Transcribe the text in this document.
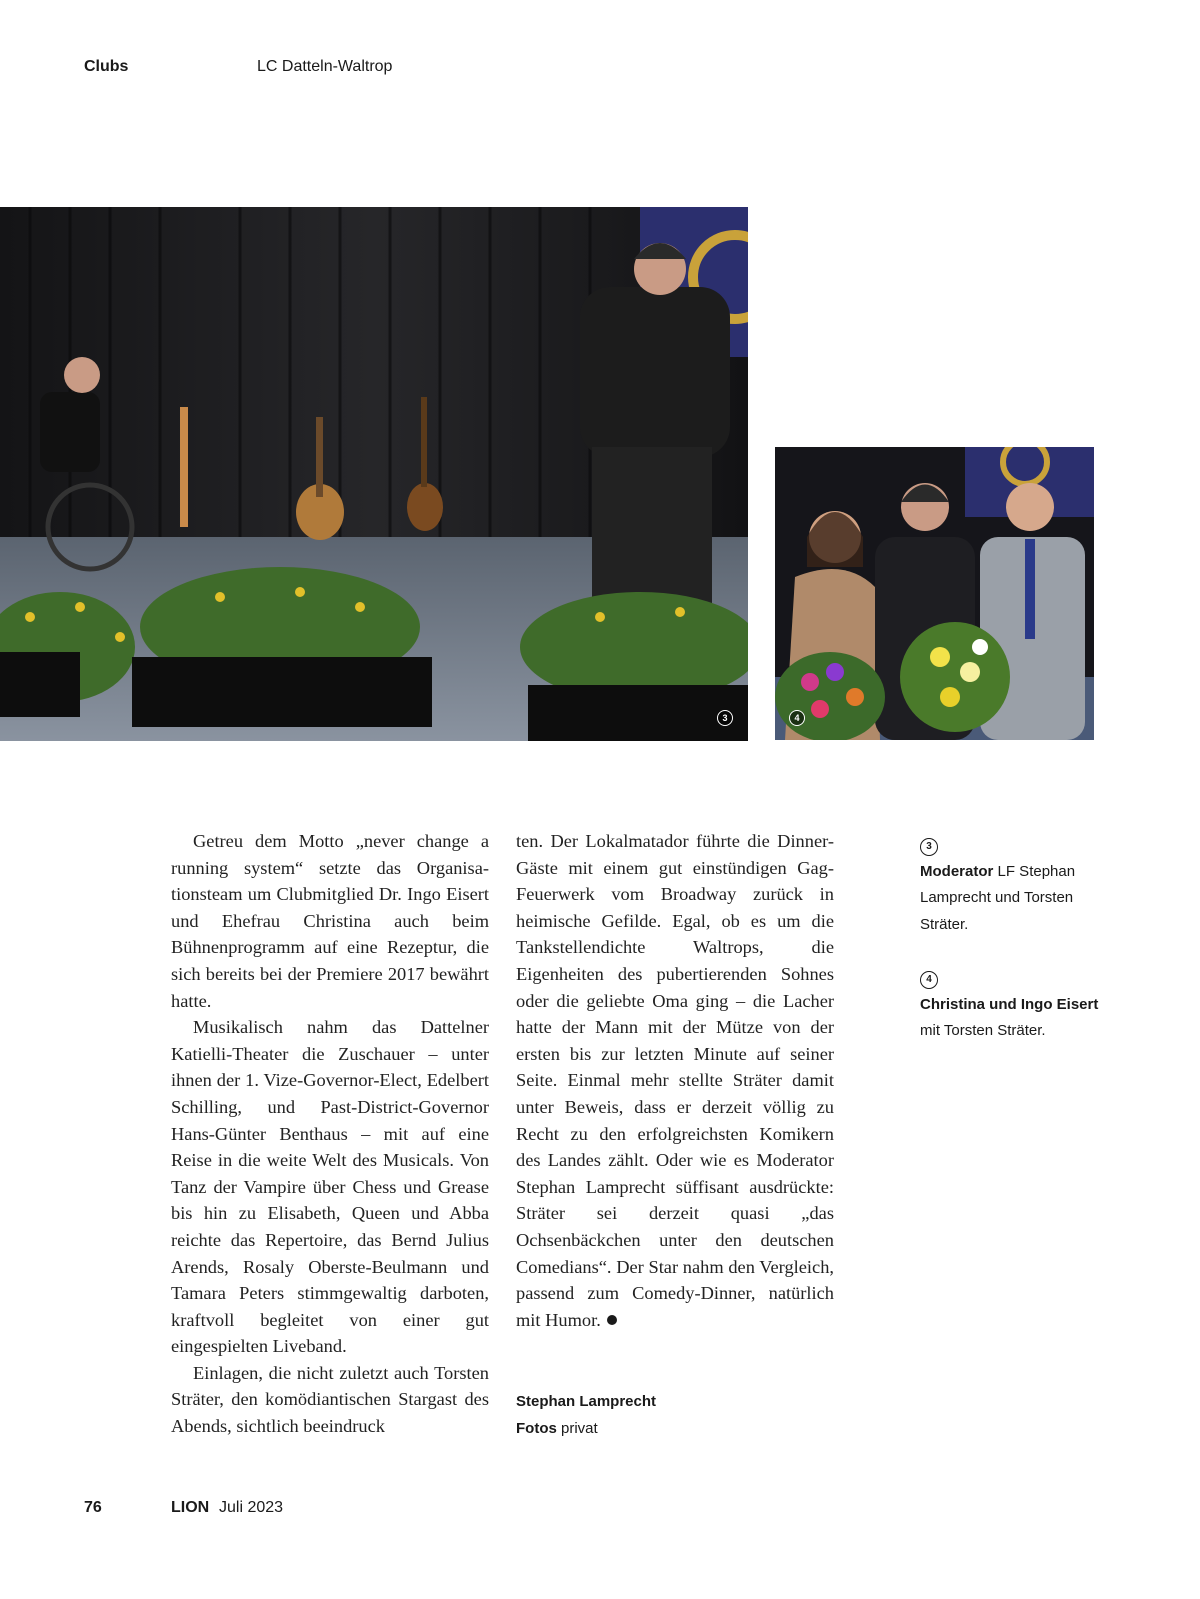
Clubs	LC Datteln-Waltrop
3	4

Getreu dem Motto „never change a running system“ setzte das Organisationsteam um Clubmitglied Dr. Ingo Eisert und Ehefrau Christina auch beim Bühnenprogramm auf eine Rezeptur, die sich bereits bei der Premiere 2017 bewährt hatte.

Musikalisch nahm das Dattelner Katielli-Theater die Zuschauer – unter ihnen der 1. Vize-Governor-Elect, Edelbert Schilling, und Past-District-Governor Hans-Günter Benthaus – mit auf eine Reise in die weite Welt des Musicals. Von Tanz der Vampire über Chess und Grease bis hin zu Elisabeth, Queen und Abba reichte das Repertoire, das Bernd Julius Arends, Rosaly Oberste-Beulmann und Tamara Peters stimmgewaltig darboten, kraftvoll begleitet von einer gut eingespielten Liveband.

Einlagen, die nicht zuletzt auch Torsten Sträter, den komödiantischen Stargast des Abends, sichtlich beeindruck

ten. Der Lokalmatador führte die Dinner-Gäste mit einem gut einstündigen Gag-Feuerwerk vom Broadway zurück in heimische Gefilde. Egal, ob es um die Tankstellendichte Waltrops, die Eigenheiten des pubertierenden Sohnes oder die geliebte Oma ging – die Lacher hatte der Mann mit der Mütze von der ersten bis zur letzten Minute auf seiner Seite. Einmal mehr stellte Sträter damit unter Beweis, dass er derzeit völlig zu Recht zu den erfolgreichsten Komikern des Landes zählt. Oder wie es Moderator Stephan Lamprecht süffisant ausdrückte: Sträter sei derzeit quasi „das Ochsenbäckchen unter den deutschen Comedians“. Der Star nahm den Vergleich, passend zum Comedy-Dinner, natürlich mit Humor.

Stephan Lamprecht
Fotos privat
3
Moderator LF Stephan Lamprecht und Torsten Sträter.
4
Christina und Ingo Eisert mit Torsten Sträter.
76	LION Juli 2023
